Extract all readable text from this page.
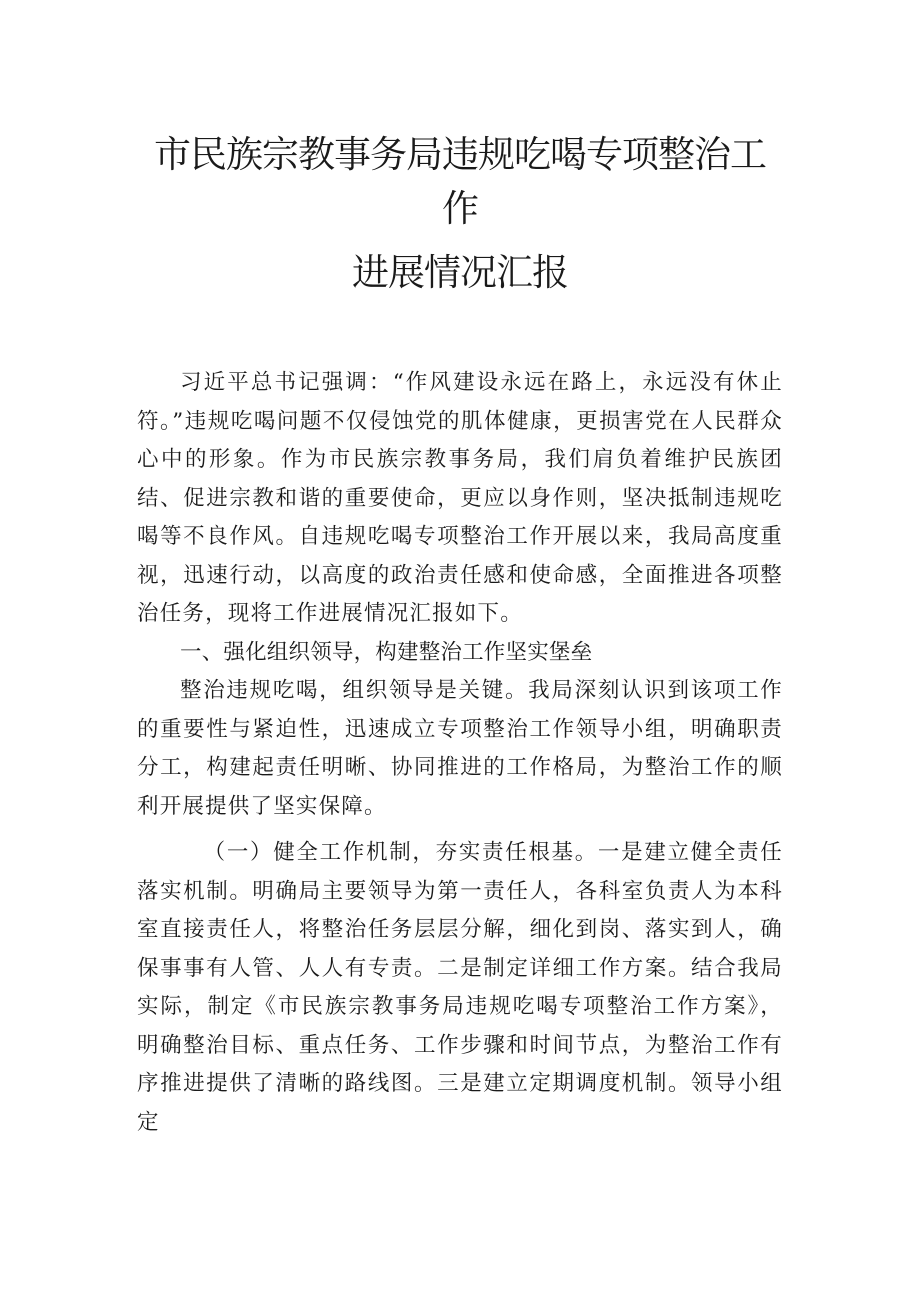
市民族宗教事务局违规吃喝专项整治工作
进展情况汇报

习近平总书记强调：“作风建设永远在路上，永远没有休止符。”违规吃喝问题不仅侵蚀党的肌体健康，更损害党在人民群众心中的形象。作为市民族宗教事务局，我们肩负着维护民族团结、促进宗教和谐的重要使命，更应以身作则，坚决抵制违规吃喝等不良作风。自违规吃喝专项整治工作开展以来，我局高度重视，迅速行动，以高度的政治责任感和使命感，全面推进各项整治任务，现将工作进展情况汇报如下。

一、强化组织领导，构建整治工作坚实堡垒

整治违规吃喝，组织领导是关键。我局深刻认识到该项工作的重要性与紧迫性，迅速成立专项整治工作领导小组，明确职责分工，构建起责任明晰、协同推进的工作格局，为整治工作的顺利开展提供了坚实保障。

（一）健全工作机制，夯实责任根基。一是建立健全责任落实机制。明确局主要领导为第一责任人，各科室负责人为本科室直接责任人，将整治任务层层分解，细化到岗、落实到人，确保事事有人管、人人有专责。二是制定详细工作方案。结合我局实际，制定《市民族宗教事务局违规吃喝专项整治工作方案》，明确整治目标、重点任务、工作步骤和时间节点，为整治工作有序推进提供了清晰的路线图。三是建立定期调度机制。领导小组定
